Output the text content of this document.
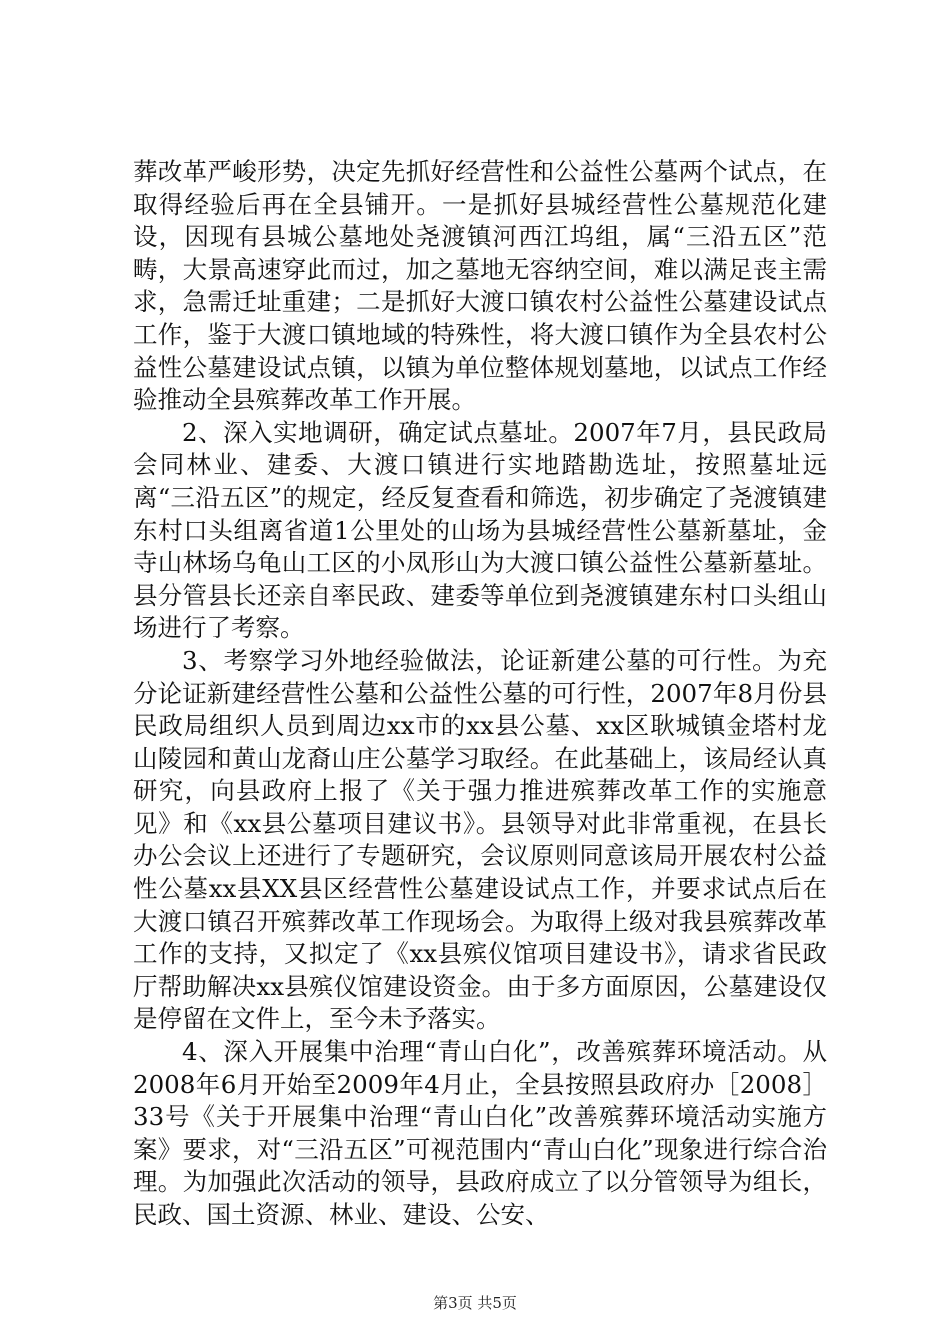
葬改革严峻形势，决定先抓好经营性和公益性公墓两个试点，在取得经验后再在全县铺开。一是抓好县城经营性公墓规范化建设，因现有县城公墓地处尧渡镇河西江坞组，属“三沿五区”范畴，大景高速穿此而过，加之墓地无容纳空间，难以满足丧主需求，急需迁址重建；二是抓好大渡口镇农村公益性公墓建设试点工作，鉴于大渡口镇地域的特殊性，将大渡口镇作为全县农村公益性公墓建设试点镇，以镇为单位整体规划墓地，以试点工作经验推动全县殡葬改革工作开展。

2、深入实地调研，确定试点墓址。2007年7月，县民政局会同林业、建委、大渡口镇进行实地踏勘选址，按照墓址远离“三沿五区”的规定，经反复查看和筛选，初步确定了尧渡镇建东村口头组离省道1公里处的山场为县城经营性公墓新墓址，金寺山林场乌龟山工区的小凤形山为大渡口镇公益性公墓新墓址。县分管县长还亲自率民政、建委等单位到尧渡镇建东村口头组山场进行了考察。

3、考察学习外地经验做法，论证新建公墓的可行性。为充分论证新建经营性公墓和公益性公墓的可行性，2007年8月份县民政局组织人员到周边xx市的xx县公墓、xx区耿城镇金塔村龙山陵园和黄山龙裔山庄公墓学习取经。在此基础上，该局经认真研究，向县政府上报了《关于强力推进殡葬改革工作的实施意见》和《xx县公墓项目建议书》。县领导对此非常重视，在县长办公会议上还进行了专题研究，会议原则同意该局开展农村公益性公墓xx县XX县区经营性公墓建设试点工作，并要求试点后在大渡口镇召开殡葬改革工作现场会。为取得上级对我县殡葬改革工作的支持，又拟定了《xx县殡仪馆项目建设书》，请求省民政厅帮助解决xx县殡仪馆建设资金。由于多方面原因，公墓建设仅是停留在文件上，至今未予落实。

4、深入开展集中治理“青山白化”，改善殡葬环境活动。从2008年6月开始至2009年4月止，全县按照县政府办［2008］33号《关于开展集中治理“青山白化”改善殡葬环境活动实施方案》要求，对“三沿五区”可视范围内“青山白化”现象进行综合治理。为加强此次活动的领导，县政府成立了以分管领导为组长，民政、国土资源、林业、建设、公安、

第3页 共5页
